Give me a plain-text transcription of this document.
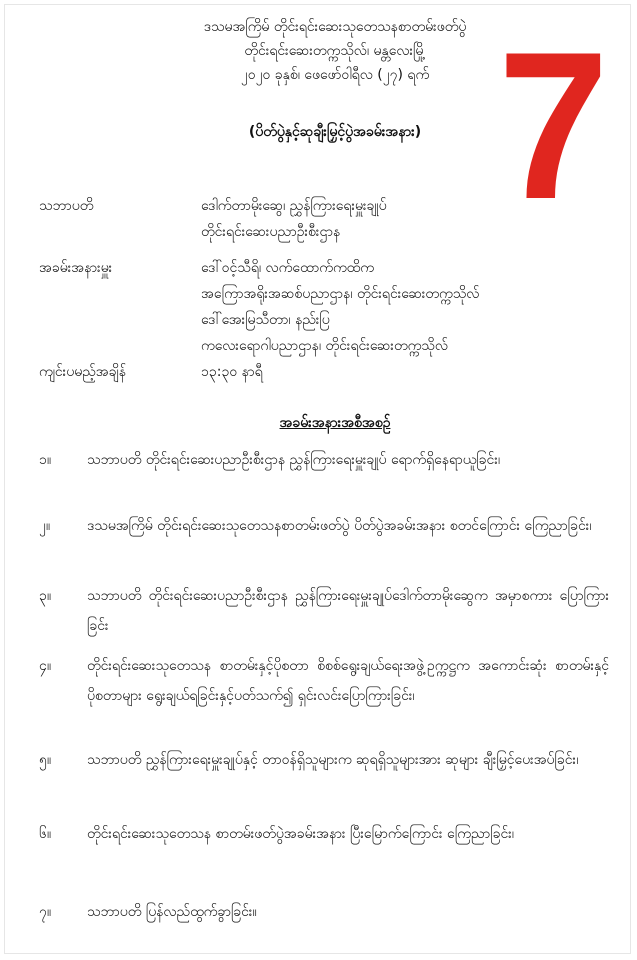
7
ဒသမအကြိမ် တိုင်းရင်းဆေးသုတေသနစာတမ်းဖတ်ပွဲ
တိုင်းရင်းဆေးတက္ကသိုလ်၊ မန္တလေးမြို့
၂၀၂၀ ခုနှစ်၊ ဖေဖော်ဝါရီလ (၂၇) ရက်
(ပိတ်ပွဲနှင့်ဆုချီးမြှင့်ပွဲအခမ်းအနား)
သဘာပတိ	ဒေါက်တာမိုးဆွေ၊ ညွှန်ကြားရေးမှူးချုပ်
တိုင်းရင်းဆေးပညာဦးစီးဌာန
အခမ်းအနားမှူး	ဒေါ်ဝင့်သီရိ၊ လက်ထောက်ကထိက
အကြောအရိုးအဆစ်ပညာဌာန၊ တိုင်းရင်းဆေးတက္ကသိုလ်
ဒေါ်အေးမြသီတာ၊ နည်းပြ
ကလေးရောဂါပညာဌာန၊ တိုင်းရင်းဆေးတက္ကသိုလ်
ကျင်းပမည့်အချိန်	၁၃:၃၀ နာရီ
အခမ်းအနားအစီအစဉ်
၁။	သဘာပတိ တိုင်းရင်းဆေးပညာဦးစီးဌာန ညွှန်ကြားရေးမှူးချုပ် ရောက်ရှိနေရာယူခြင်း၊
၂။	ဒသမအကြိမ် တိုင်းရင်းဆေးသုတေသနစာတမ်းဖတ်ပွဲ ပိတ်ပွဲအခမ်းအနား စတင်ကြောင်း ကြေညာခြင်း၊
၃။	သဘာပတိ တိုင်းရင်းဆေးပညာဦးစီးဌာန ညွှန်ကြားရေးမှူးချုပ်ဒေါက်တာမိုးဆွေက အမှာစကား ပြောကြားခြင်း
၄။	တိုင်းရင်းဆေးသုတေသန စာတမ်းနှင့်ပိုစတာ စိစစ်ရွေးချယ်ရေးအဖွဲ့ဥက္ကဋ္ဌက အကောင်းဆုံး စာတမ်းနှင့် ပိုစတာများ ရွေးချယ်ရခြင်းနှင့်ပတ်သက်၍ ရှင်းလင်းပြောကြားခြင်း၊
၅။	သဘာပတိ ညွှန်ကြားရေးမှူးချုပ်နှင့် တာဝန်ရှိသူများက ဆုရရှိသူများအား ဆုများ ချီးမြှင့်ပေးအပ်ခြင်း၊
၆။	တိုင်းရင်းဆေးသုတေသန စာတမ်းဖတ်ပွဲအခမ်းအနား ပြီးမြောက်ကြောင်း ကြေညာခြင်း၊
၇။	သဘာပတိ ပြန်လည်ထွက်ခွာခြင်း။
